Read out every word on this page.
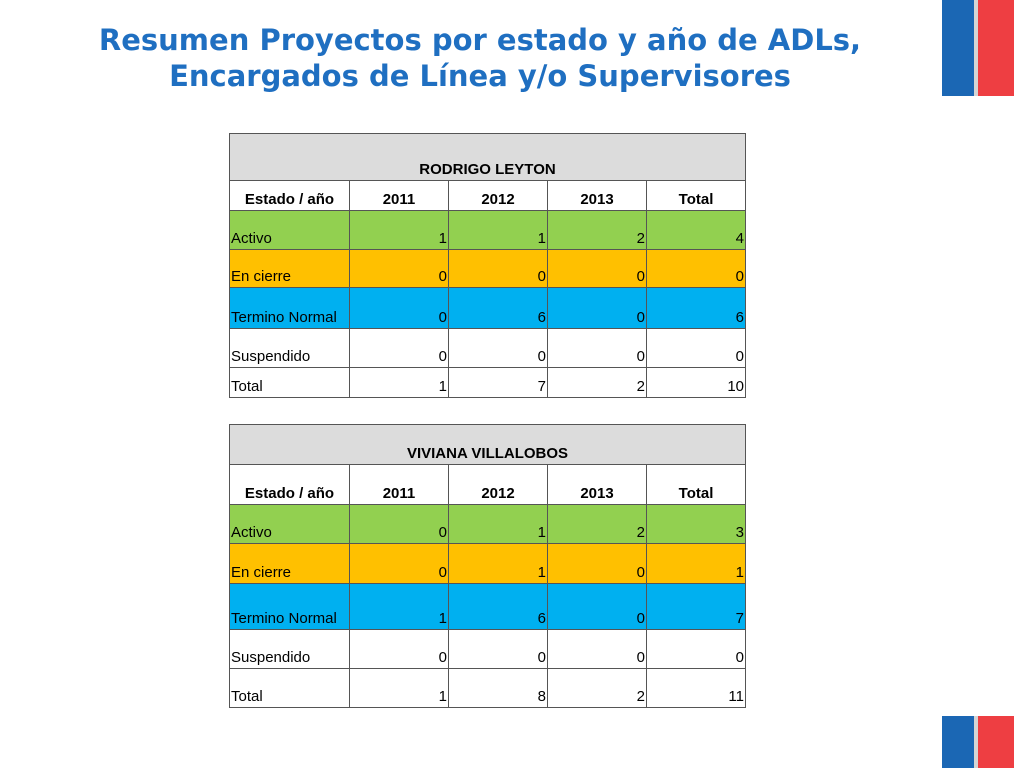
Resumen Proyectos por estado y año de ADLs,
Encargados de Línea y/o Supervisores
RODRIGO LEYTON				
Estado / año	2011	2012	2013	Total
Activo	1	1	2	4
En cierre	0	0	0	0
Termino Normal	0	6	0	6
Suspendido	0	0	0	0
Total	1	7	2	10
VIVIANA VILLALOBOS				
Estado / año	2011	2012	2013	Total
Activo	0	1	2	3
En cierre	0	1	0	1
Termino Normal	1	6	0	7
Suspendido	0	0	0	0
Total	1	8	2	11
